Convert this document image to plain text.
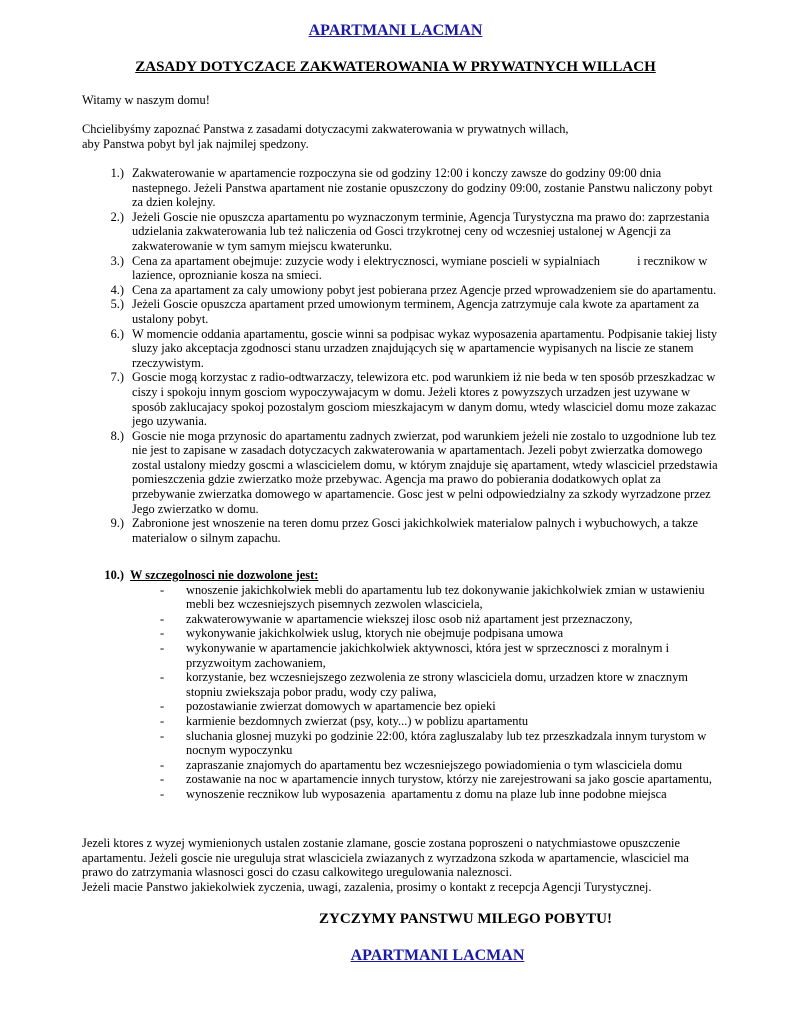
APARTMANI LACMAN
ZASADY DOTYCZACE ZAKWATEROWANIA W PRYWATNYCH WILLACH

Witamy w naszym domu!

Chcielibyśmy zapoznać Panstwa z zasadami dotyczacymi zakwaterowania w prywatnych willach,

aby Panstwa pobyt byl jak najmilej spedzony.

1.) Zakwaterowanie w apartamencie rozpoczyna sie od godziny 12:00 i konczy zawsze do godziny 09:00 dnia nastepnego. Jeżeli Panstwa apartament nie zostanie opuszczony do godziny 09:00, zostanie Panstwu naliczony pobyt za dzien kolejny.
2.) Jeżeli Goscie nie opuszcza apartamentu po wyznaczonym terminie, Agencja Turystyczna ma prawo do: zaprzestania udzielania zakwaterowania lub też naliczenia od Gosci trzykrotnej ceny od wczesniej ustalonej w Agencji za zakwaterowanie w tym samym miejscu kwaterunku.
3.) Cena za apartament obejmuje: zuzycie wody i elektrycznosci, wymiane poscieli w sypialniach            i recznikow w lazience, oproznianie kosza na smieci.
4.) Cena za apartament za caly umowiony pobyt jest pobierana przez Agencje przed wprowadzeniem sie do apartamentu.
5.) Jeżeli Goscie opuszcza apartament przed umowionym terminem, Agencja zatrzymuje cala kwote za apartament za ustalony pobyt.
6.) W momencie oddania apartamentu, goscie winni sa podpisac wykaz wyposazenia apartamentu. Podpisanie takiej listy sluzy jako akceptacja zgodnosci stanu urzadzen znajdujących się w apartamencie wypisanych na liscie ze stanem rzeczywistym.
7.) Goscie mogą korzystac z radio-odtwarzaczy, telewizora etc. pod warunkiem iż nie beda w ten sposób przeszkadzac w ciszy i spokoju innym gosciom wypoczywajacym w domu. Jeżeli ktores z powyzszych urzadzen jest uzywane w sposób zaklucajacy spokoj pozostalym gosciom mieszkajacym w danym domu, wtedy wlasciciel domu moze zakazac jego uzywania.
8.) Goscie nie moga przynosic do apartamentu zadnych zwierzat, pod warunkiem jeżeli nie zostalo to uzgodnione lub tez nie jest to zapisane w zasadach dotyczacych zakwaterowania w apartamentach. Jezeli pobyt zwierzatka domowego zostal ustalony miedzy goscmi a wlascicielem domu, w którym znajduje się apartament, wtedy wlasciciel przedstawia pomieszczenia gdzie zwierzatko może przebywac. Agencja ma prawo do pobierania dodatkowych oplat za przebywanie zwierzatka domowego w apartamencie. Gosc jest w pelni odpowiedzialny za szkody wyrzadzone przez Jego zwierzatko w domu.
9.) Zabronione jest wnoszenie na teren domu przez Gosci jakichkolwiek materialow palnych i wybuchowych, a takze materialow o silnym zapachu.
10.) W szczegolnosci nie dozwolone jest:
-	wnoszenie jakichkolwiek mebli do apartamentu lub tez dokonywanie jakichkolwiek zmian w ustawieniu mebli bez wczesniejszych pisemnych zezwolen wlasciciela,
-	zakwaterowywanie w apartamencie wiekszej ilosc osob niż apartament jest przeznaczony,
-	wykonywanie jakichkolwiek uslug, ktorych nie obejmuje podpisana umowa
-	wykonywanie w apartamencie jakichkolwiek aktywnosci, która jest w sprzecznosci z moralnym i przyzwoitym zachowaniem,
-	korzystanie, bez wczesniejszego zezwolenia ze strony wlasciciela domu, urzadzen ktore w znacznym stopniu zwiekszaja pobor pradu, wody czy paliwa,
-	pozostawianie zwierzat domowych w apartamencie bez opieki
-	karmienie bezdomnych zwierzat (psy, koty...) w poblizu apartamentu
-	sluchania glosnej muzyki po godzinie 22:00, która zagluszalaby lub tez przeszkadzala innym turystom w nocnym wypoczynku
-	zapraszanie znajomych do apartamentu bez wczesniejszego powiadomienia o tym wlasciciela domu
-	zostawanie na noc w apartamencie innych turystow, którzy nie zarejestrowani sa jako goscie apartamentu,
-	wynoszenie recznikow lub wyposazenia  apartamentu z domu na plaze lub inne podobne miejsca

Jezeli ktores z wyzej wymienionych ustalen zostanie zlamane, goscie zostana poproszeni o natychmiastowe opuszczenie apartamentu. Jeżeli goscie nie ureguluja strat wlasciciela zwiazanych z wyrzadzona szkoda w apartamencie, wlasciciel ma prawo do zatrzymania wlasnosci gosci do czasu calkowitego uregulowania naleznosci.

Jeżeli macie Panstwo jakiekolwiek zyczenia, uwagi, zazalenia, prosimy o kontakt z recepcja Agencji Turystycznej.

ZYCZYMY PANSTWU MILEGO POBYTU!
APARTMANI LACMAN
